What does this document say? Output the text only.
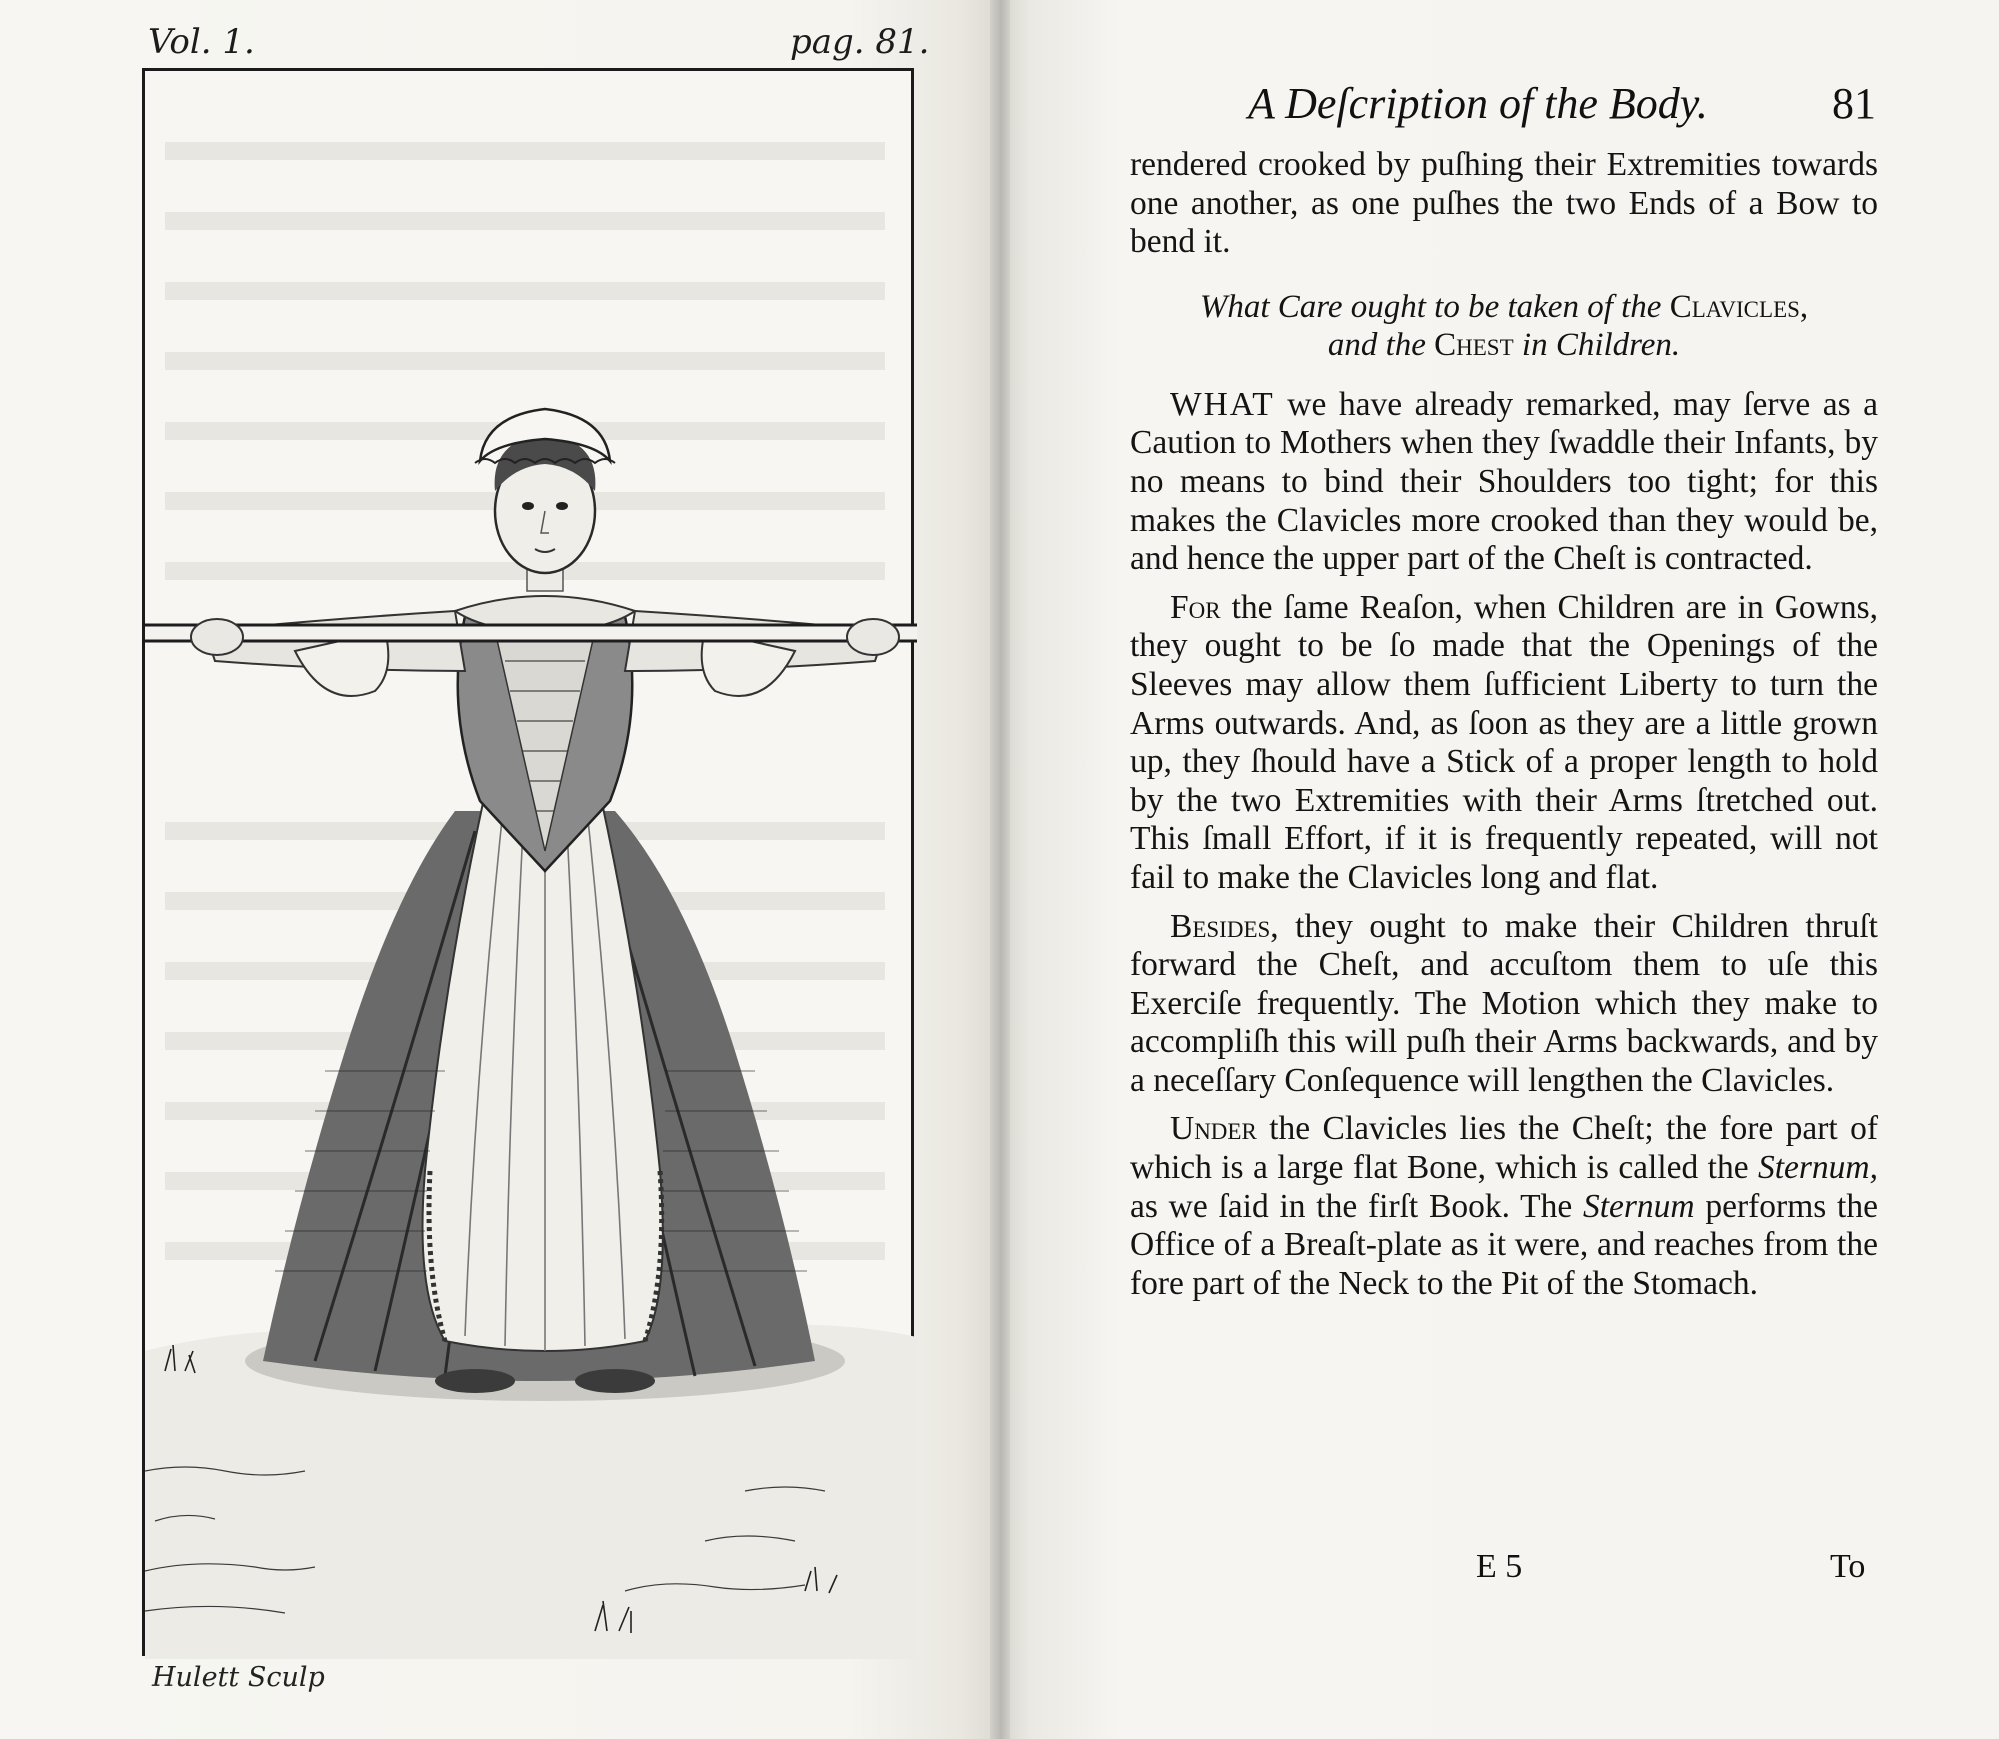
Vol. 1.	pag. 81.
Hulett Sculp
A Deſcription of the Body.	81

rendered crooked by puſhing their Extremities towards one another, as one puſhes the two Ends of a Bow to bend it.

What Care ought to be taken of the Clavicles,
and the Chest in Children.

WHAT we have already remarked, may ſerve as a Caution to Mothers when they ſwaddle their Infants, by no means to bind their Shoulders too tight; for this makes the Clavicles more crooked than they would be, and hence the upper part of the Cheſt is contracted.

For the ſame Reaſon, when Children are in Gowns, they ought to be ſo made that the Openings of the Sleeves may allow them ſufficient Liberty to turn the Arms outwards. And, as ſoon as they are a little grown up, they ſhould have a Stick of a proper length to hold by the two Extremities with their Arms ſtretched out. This ſmall Effort, if it is frequently repeated, will not fail to make the Clavicles long and flat.

Besides, they ought to make their Children thruſt forward the Cheſt, and accuſtom them to uſe this Exerciſe frequently. The Motion which they make to accompliſh this will puſh their Arms backwards, and by a neceſſary Conſequence will lengthen the Clavicles.

Under the Clavicles lies the Cheſt; the fore part of which is a large flat Bone, which is called the Sternum, as we ſaid in the firſt Book. The Sternum performs the Office of a Breaſt-plate as it were, and reaches from the fore part of the Neck to the Pit of the Stomach.

E 5	To
